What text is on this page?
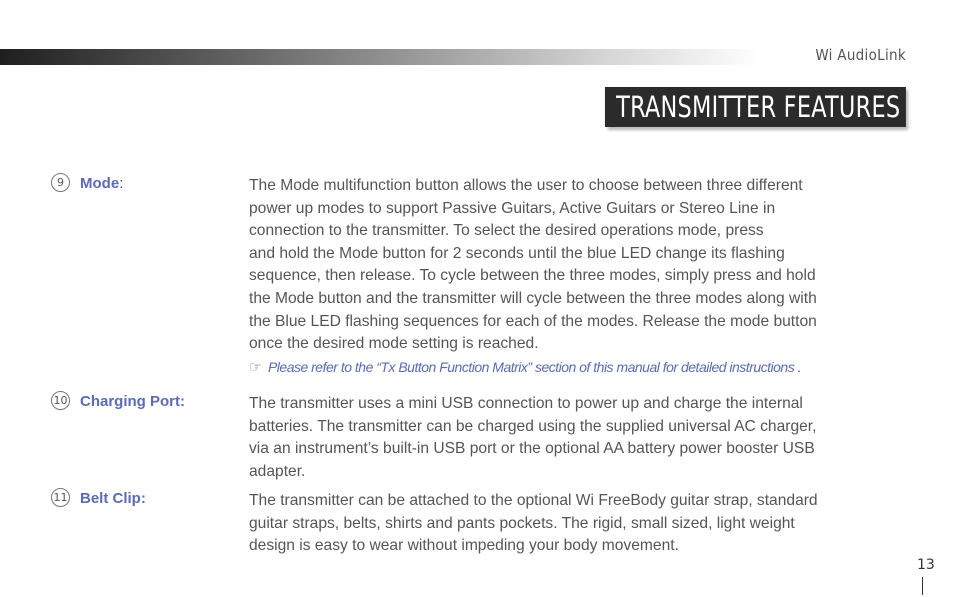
Wi AudioLink
TRANSMITTER FEATURES
9	Mode:	The Mode multifunction button allows the user to choose between three different

power up modes to support Passive Guitars, Active Guitars or Stereo Line in

connection to the transmitter. To select the desired operations mode, press

and hold the Mode button for 2 seconds until the blue LED change its flashing

sequence, then release. To cycle between the three modes, simply press and hold

the Mode button and the transmitter will cycle between the three modes along with

the Blue LED flashing sequences for each of the modes. Release the mode button

once the desired mode setting is reached.

☞ Please refer to the “Tx Button Function Matrix” section of this manual for detailed instructions .

10 Charging Port:	The transmitter uses a mini USB connection to power up and charge the internal

batteries. The transmitter can be charged using the supplied universal AC charger,

via an instrument’s built-in USB port or the optional AA battery power booster USB

adapter.

11 Belt Clip:	The transmitter can be attached to the optional Wi FreeBody guitar strap, standard

guitar straps, belts, shirts and pants pockets. The rigid, small sized, light weight

design is easy to wear without impeding your body movement.

13
